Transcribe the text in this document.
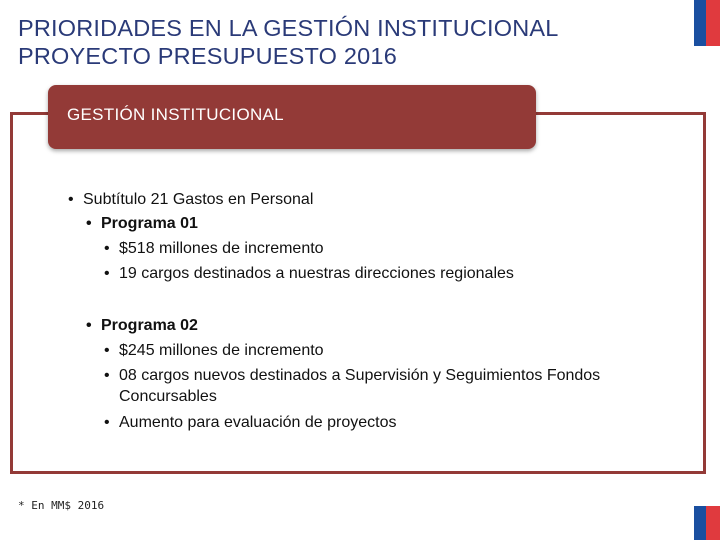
PRIORIDADES EN LA GESTIÓN INSTITUCIONAL
PROYECTO PRESUPUESTO 2016
GESTIÓN INSTITUCIONAL
• Subtítulo 21 Gastos en Personal
• Programa 01
• $518 millones de incremento
• 19 cargos destinados a nuestras direcciones regionales
• Programa 02
• $245 millones de incremento
• 08 cargos nuevos destinados a Supervisión y Seguimientos Fondos
Concursables
• Aumento para evaluación de proyectos
* En MM$ 2016
